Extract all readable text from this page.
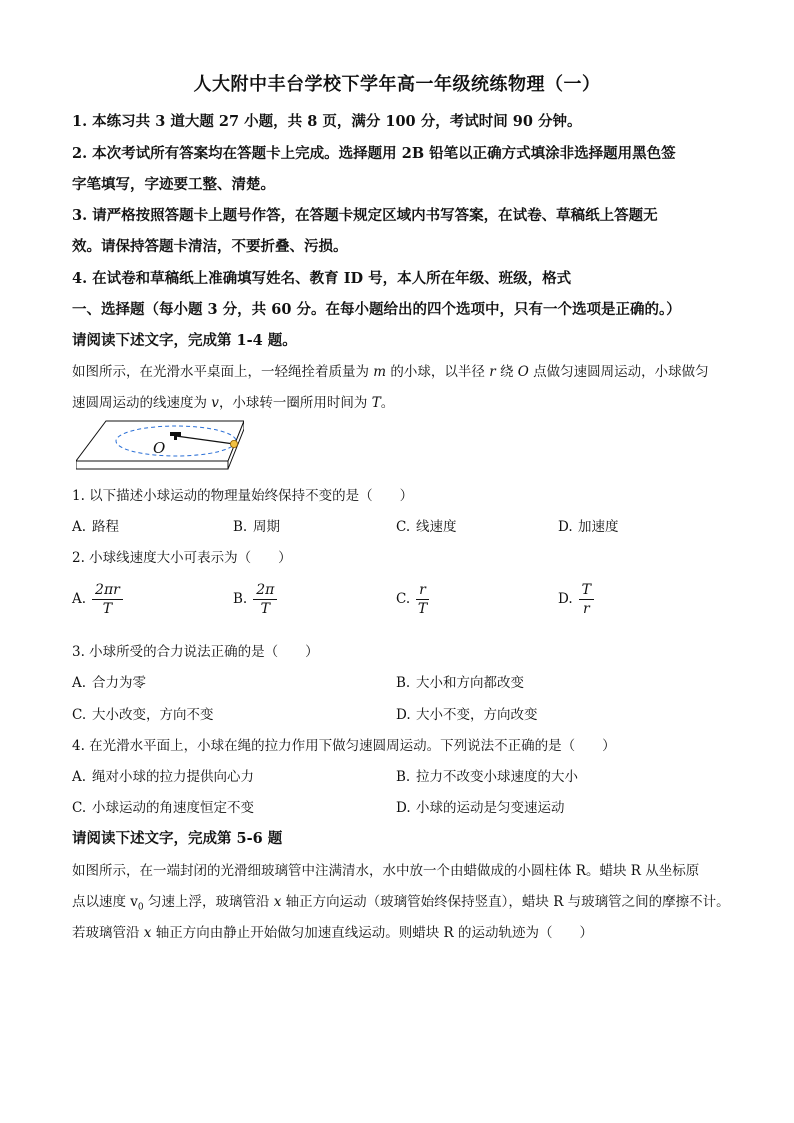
人大附中丰台学校下学年高一年级统练物理（一）
1. 本练习共 3 道大题 27 小题，共 8 页，满分 100 分，考试时间 90 分钟。
2. 本次考试所有答案均在答题卡上完成。选择题用 2B 铅笔以正确方式填涂非选择题用黑色签
字笔填写，字迹要工整、清楚。
3. 请严格按照答题卡上题号作答，在答题卡规定区域内书写答案，在试卷、草稿纸上答题无
效。请保持答题卡清洁，不要折叠、污损。
4. 在试卷和草稿纸上准确填写姓名、教育 ID 号，本人所在年级、班级，格式
一、选择题（每小题 3 分，共 60 分。在每小题给出的四个选项中，只有一个选项是正确的。）
请阅读下述文字，完成第 1-4 题。
如图所示，在光滑水平桌面上，一轻绳拴着质量为 m 的小球，以半径 r 绕 O 点做匀速圆周运动，小球做匀
速圆周运动的线速度为 v，小球转一圈所用时间为 T。
O
1. 以下描述小球运动的物理量始终保持不变的是（　　）
A. 路程	B. 周期	C. 线速度	D. 加速度
2. 小球线速度大小可表示为（　　）
A. $\frac{2\pi r}{T}$	B. $\frac{2\pi}{T}$	C. $\frac{r}{T}$	D. $\frac{T}{r}$
3. 小球所受的合力说法正确的是（　　）
A. 合力为零	B. 大小和方向都改变
C. 大小改变，方向不变	D. 大小不变，方向改变
4. 在光滑水平面上，小球在绳的拉力作用下做匀速圆周运动。下列说法不正确的是（　　）
A. 绳对小球的拉力提供向心力	B. 拉力不改变小球速度的大小
C. 小球运动的角速度恒定不变	D. 小球的运动是匀变速运动
请阅读下述文字，完成第 5-6 题
如图所示，在一端封闭的光滑细玻璃管中注满清水，水中放一个由蜡做成的小圆柱体 R。蜡块 R 从坐标原
点以速度 $v_0$ 匀速上浮，玻璃管沿 x 轴正方向运动（玻璃管始终保持竖直），蜡块 R 与玻璃管之间的摩擦不计。
若玻璃管沿 x 轴正方向由静止开始做匀加速直线运动。则蜡块 R 的运动轨迹为（　　）
